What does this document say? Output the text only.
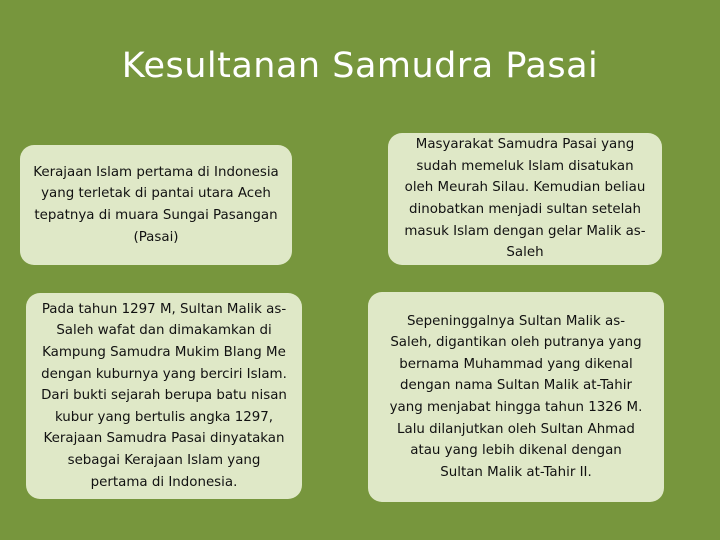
Kesultanan Samudra Pasai
Kerajaan Islam pertama di Indonesia yang terletak di pantai utara Aceh tepatnya di muara Sungai Pasangan (Pasai)
Masyarakat Samudra Pasai yang sudah memeluk Islam disatukan oleh Meurah Silau. Kemudian beliau dinobatkan menjadi sultan setelah masuk Islam dengan gelar Malik as-Saleh
Pada tahun 1297 M, Sultan Malik as-Saleh wafat dan dimakamkan di Kampung Samudra Mukim Blang Me dengan kuburnya yang berciri Islam. Dari bukti sejarah berupa batu nisan kubur yang bertulis angka 1297, Kerajaan Samudra Pasai dinyatakan sebagai Kerajaan Islam yang pertama di Indonesia.
Sepeninggalnya Sultan Malik as-Saleh, digantikan oleh putranya yang bernama Muhammad yang dikenal dengan nama Sultan Malik at-Tahir yang menjabat hingga tahun 1326 M. Lalu dilanjutkan oleh Sultan Ahmad atau yang lebih dikenal dengan Sultan Malik at-Tahir II.
